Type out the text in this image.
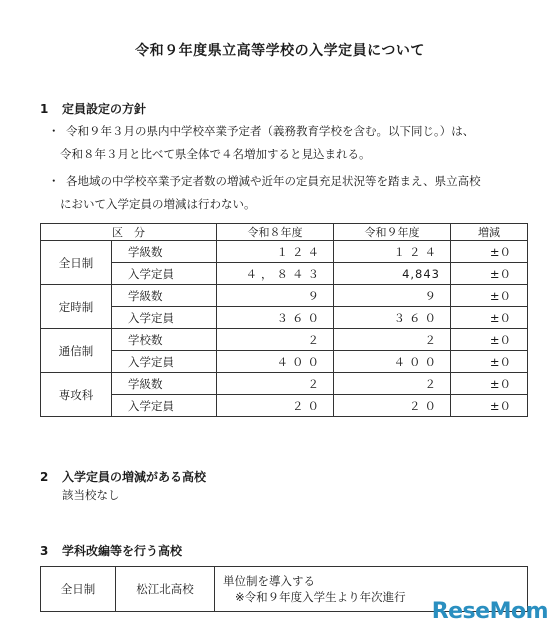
令和９年度県立高等学校の入学定員について
1 定員設定の方針
・ 令和９年３月の県内中学校卒業予定者（義務教育学校を含む。以下同じ。）は、
令和８年３月と比べて県全体で４名増加すると見込まれる。
・ 各地域の中学校卒業予定者数の増減や近年の定員充足状況等を踏まえ、県立高校
において入学定員の増減は行わない。
区　分		令和８年度	令和９年度	増減
全日制	学級数	１２４	１２４	±０
	入学定員	４，８４３	4,843	±０
定時制	学級数	９	９	±０
	入学定員	３６０	３６０	±０
通信制	学校数	２	２	±０
	入学定員	４００	４００	±０
専攻科	学級数	２	２	±０
	入学定員	２０	２０	±０
2 入学定員の増減がある高校
該当校なし
3 学科改編等を行う高校
全日制	松江北高校	
単位制を導入する
※令和９年度入学生より年次進行
ReseMom
